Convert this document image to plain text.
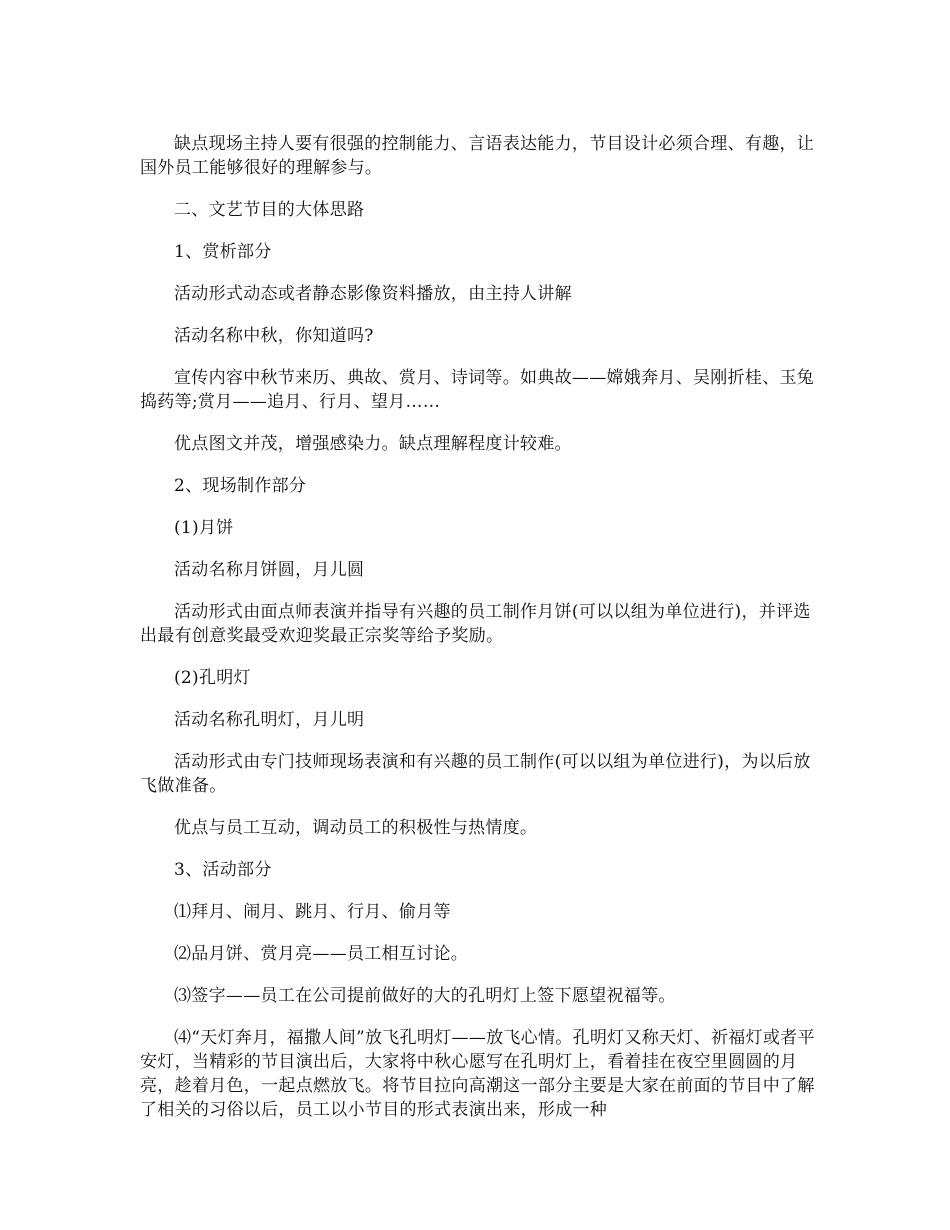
缺点现场主持人要有很强的控制能力、言语表达能力，节目设计必须合理、有趣，让国外员工能够很好的理解参与。

二、文艺节目的大体思路

1、赏析部分

活动形式动态或者静态影像资料播放，由主持人讲解

活动名称中秋，你知道吗?

宣传内容中秋节来历、典故、赏月、诗词等。如典故——嫦娥奔月、吴刚折桂、玉兔捣药等;赏月——追月、行月、望月……

优点图文并茂，增强感染力。缺点理解程度计较难。

2、现场制作部分

(1)月饼

活动名称月饼圆，月儿圆

活动形式由面点师表演并指导有兴趣的员工制作月饼(可以以组为单位进行)，并评选出最有创意奖最受欢迎奖最正宗奖等给予奖励。

(2)孔明灯

活动名称孔明灯，月儿明

活动形式由专门技师现场表演和有兴趣的员工制作(可以以组为单位进行)，为以后放飞做准备。

优点与员工互动，调动员工的积极性与热情度。

3、活动部分

⑴拜月、闹月、跳月、行月、偷月等

⑵品月饼、赏月亮——员工相互讨论。

⑶签字——员工在公司提前做好的大的孔明灯上签下愿望祝福等。

⑷“天灯奔月，福撒人间”放飞孔明灯——放飞心情。孔明灯又称天灯、祈福灯或者平安灯，当精彩的节目演出后，大家将中秋心愿写在孔明灯上，看着挂在夜空里圆圆的月亮，趁着月色，一起点燃放飞。将节目拉向高潮这一部分主要是大家在前面的节目中了解了相关的习俗以后，员工以小节目的形式表演出来，形成一种
